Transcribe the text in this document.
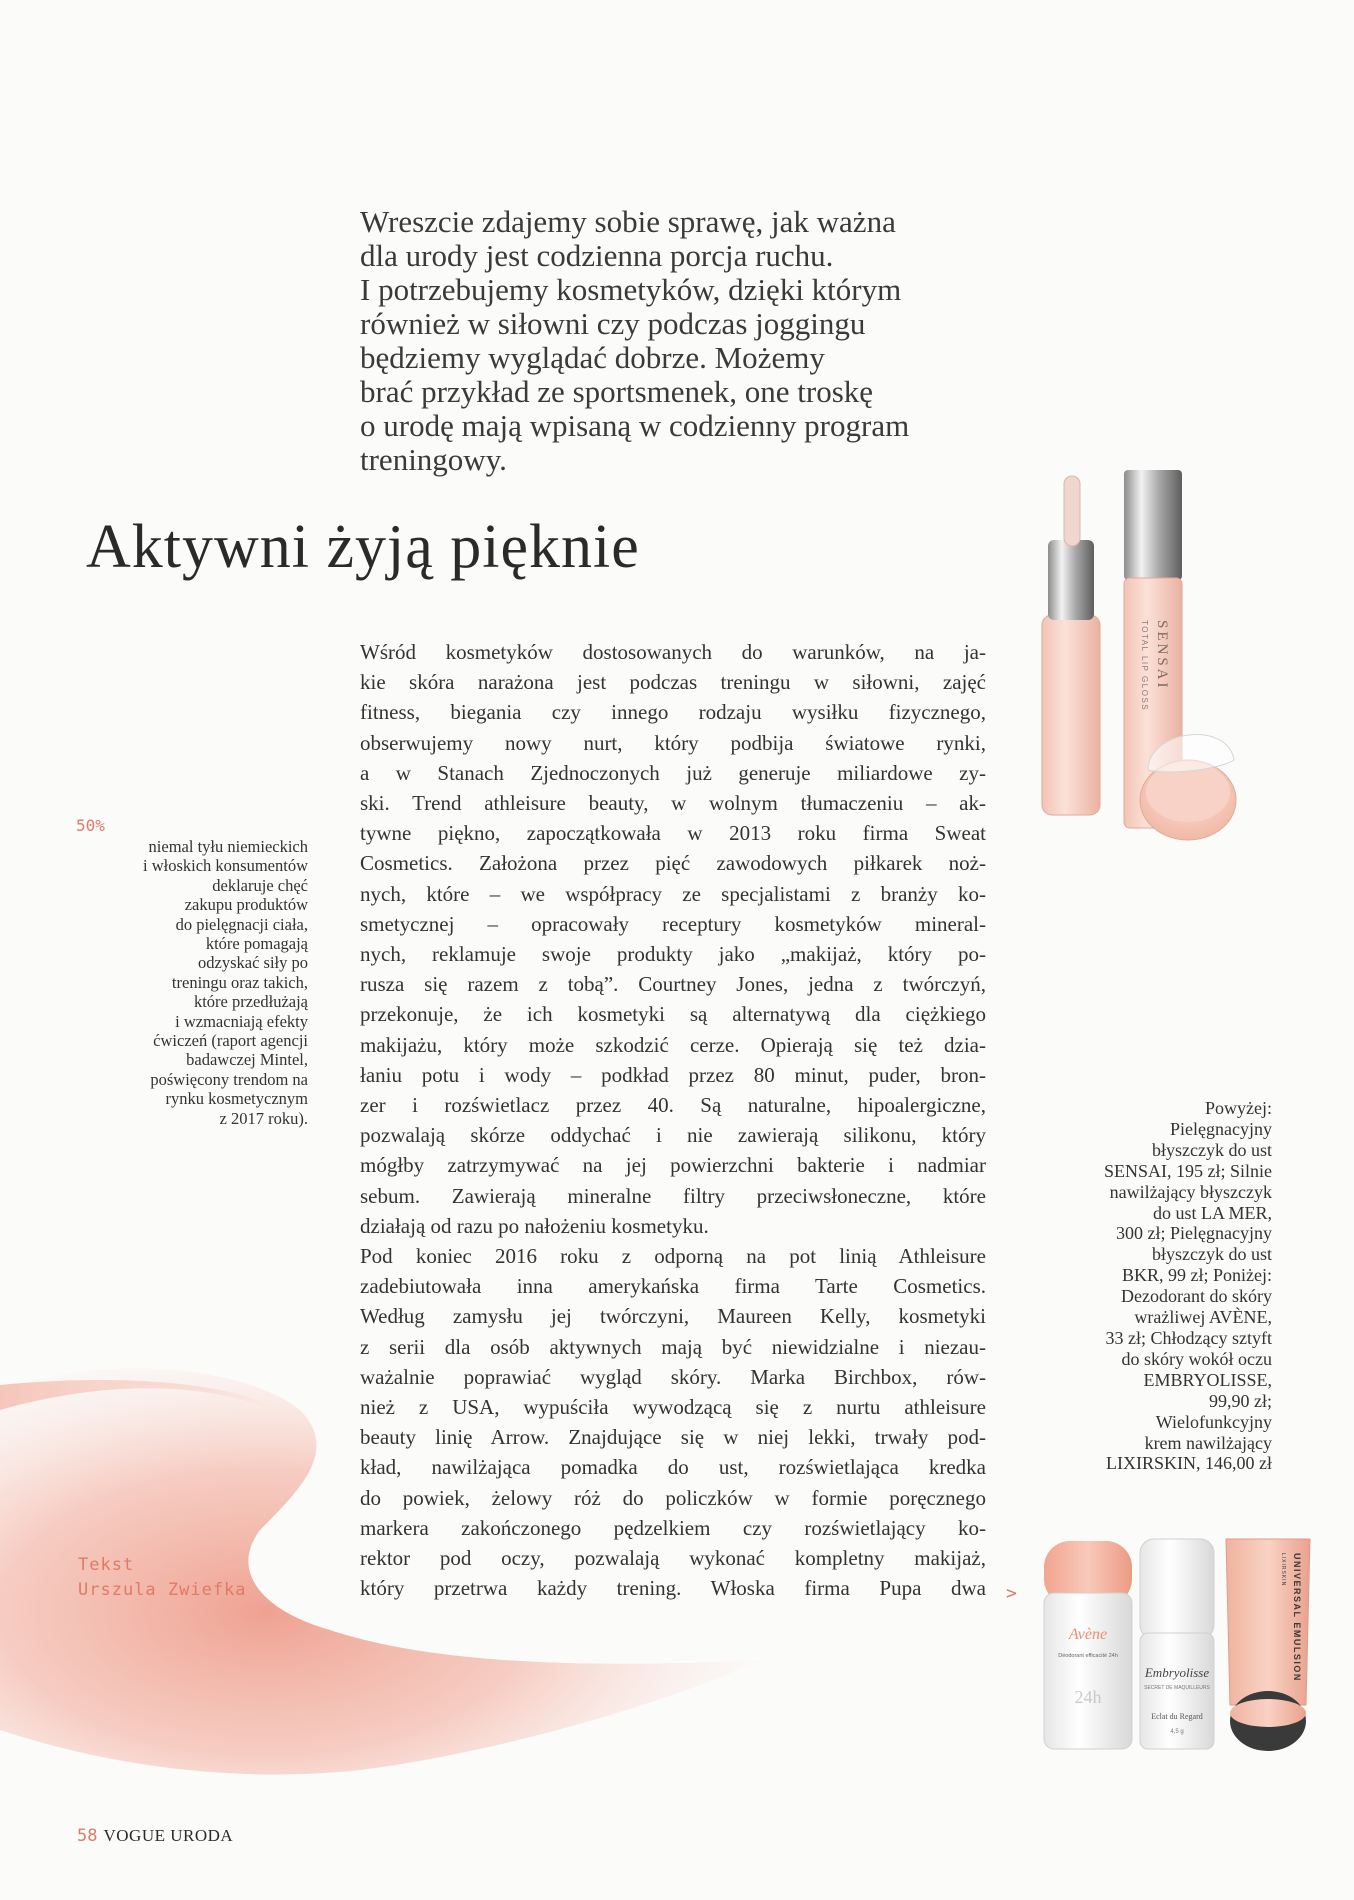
Wreszcie zdajemy sobie sprawę, jak ważna
dla urody jest codzienna porcja ruchu.
I potrzebujemy kosmetyków, dzięki którym
również w siłowni czy podczas joggingu
będziemy wyglądać dobrze. Możemy
brać przykład ze sportsmenek, one troskę
o urodę mają wpisaną w codzienny program
treningowy.

Aktywni żyją pięknie
50%
niemal tyłu niemieckich
i włoskich konsumentów
deklaruje chęć
zakupu produktów
do pielęgnacji ciała,
które pomagają
odzyskać siły po
treningu oraz takich,
które przedłużają
i wzmacniają efekty
ćwiczeń (raport agencji
badawczej Mintel,
poświęcony trendom na
rynku kosmetycznym
z 2017 roku).
Wśród kosmetyków dostosowanych do warunków, na ja-
kie skóra narażona jest podczas treningu w siłowni, zajęć
fitness, biegania czy innego rodzaju wysiłku fizycznego,
obserwujemy nowy nurt, który podbija światowe rynki,
a w Stanach Zjednoczonych już generuje miliardowe zy-
ski. Trend athleisure beauty, w wolnym tłumaczeniu – ak-
tywne piękno, zapoczątkowała w 2013 roku firma Sweat
Cosmetics. Założona przez pięć zawodowych piłkarek noż-
nych, które – we współpracy ze specjalistami z branży ko-
smetycznej – opracowały receptury kosmetyków mineral-
nych, reklamuje swoje produkty jako „makijaż, który po-
rusza się razem z tobą”. Courtney Jones, jedna z twórczyń,
przekonuje, że ich kosmetyki są alternatywą dla ciężkiego
makijażu, który może szkodzić cerze. Opierają się też dzia-
łaniu potu i wody – podkład przez 80 minut, puder, bron-
zer i rozświetlacz przez 40. Są naturalne, hipoalergiczne,
pozwalają skórze oddychać i nie zawierają silikonu, który
mógłby zatrzymywać na jej powierzchni bakterie i nadmiar
sebum. Zawierają mineralne filtry przeciwsłoneczne, które
działają od razu po nałożeniu kosmetyku.
Pod koniec 2016 roku z odporną na pot linią Athleisure
zadebiutowała inna amerykańska firma Tarte Cosmetics.
Według zamysłu jej twórczyni, Maureen Kelly, kosmetyki
z serii dla osób aktywnych mają być niewidzialne i niezau-
ważalnie poprawiać wygląd skóry. Marka Birchbox, rów-
nież z USA, wypuściła wywodzącą się z nurtu athleisure
beauty linię Arrow. Znajdujące się w niej lekki, trwały pod-
kład, nawilżająca pomadka do ust, rozświetlająca kredka
do powiek, żelowy róż do policzków w formie poręcznego
markera zakończonego pędzelkiem czy rozświetlający ko-
rektor pod oczy, pozwalają wykonać kompletny makijaż,
który przetrwa każdy trening. Włoska firma Pupa dwa
Tekst
Urszula Zwiefka	>
SENSAI
TOTAL LIP GLOSS
Powyżej:
Pielęgnacyjny
błyszczyk do ust
SENSAI, 195 zł; Silnie
nawilżający błyszczyk
do ust LA MER,
300 zł; Pielęgnacyjny
błyszczyk do ust
BKR, 99 zł; Poniżej:
Dezodorant do skóry
wrażliwej AVÈNE,
33 zł; Chłodzący sztyft
do skóry wokół oczu
EMBRYOLISSE,
99,90 zł;
Wielofunkcyjny
krem nawilżający
LIXIRSKIN, 146,00 zł
Avène
Déodorant efficacité 24h
24h
Embryolisse
SECRET DE MAQUILLEURS
Eclat du Regard
4,5 g
UNIVERSAL EMULSION
LIXIRSKIN
58 VOGUE URODA
